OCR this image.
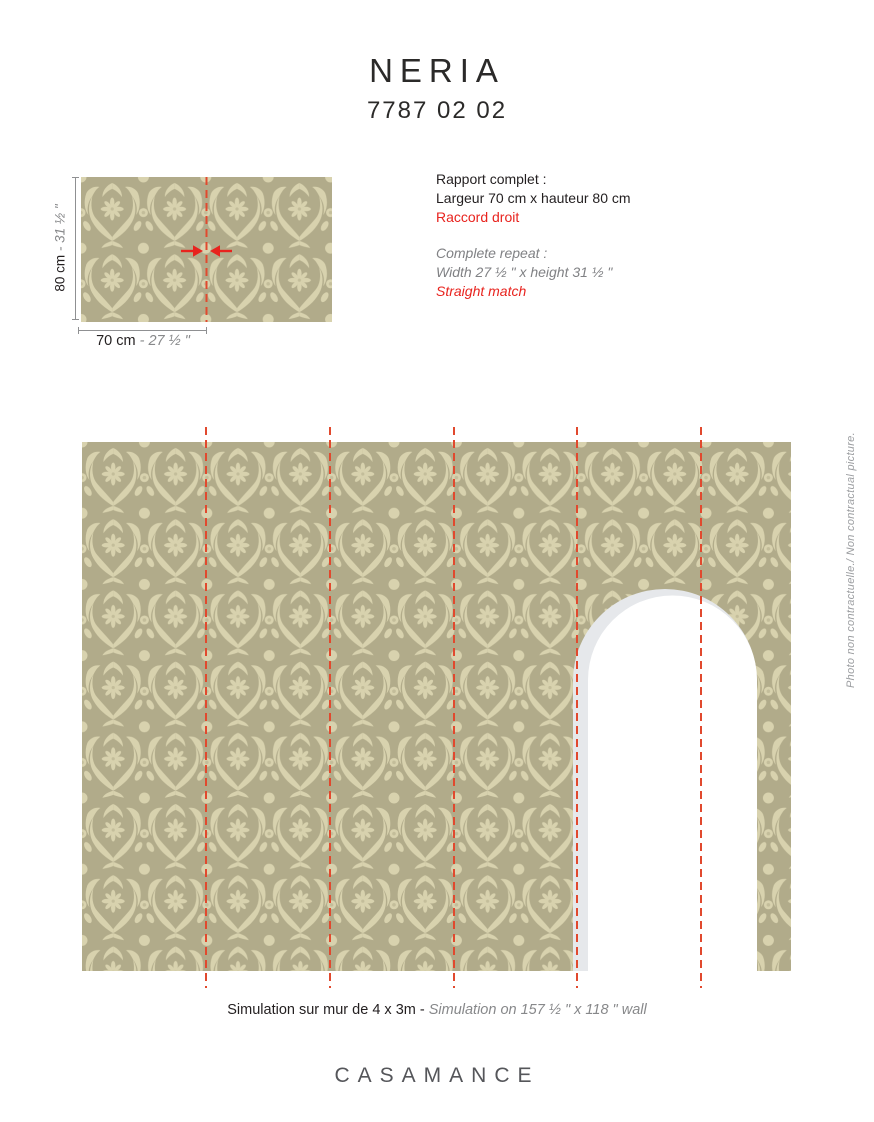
NERIA
7787 02 02
80 cm - 31 ½ "
70 cm - 27 ½ "
Rapport complet :
Largeur 70 cm x hauteur 80 cm
Raccord droit
Complete repeat :
Width 27 ½ " x height 31 ½ "
Straight match
Photo non contractuelle./ Non contractual picture.
Simulation sur mur de 4 x 3m - Simulation on 157 ½ " x 118 " wall
CASAMANCE
